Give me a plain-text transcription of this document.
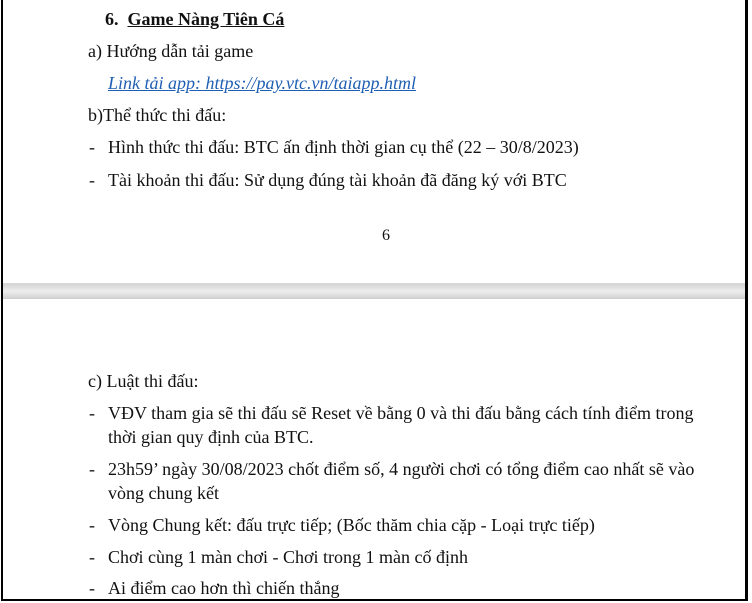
6. Game Nàng Tiên Cá
a) Hướng dẫn tải game
Link tải app: https://pay.vtc.vn/taiapp.html
b)Thể thức thi đấu:
- Hình thức thi đấu: BTC ấn định thời gian cụ thể (22 – 30/8/2023)
- Tài khoản thi đấu: Sử dụng đúng tài khoản đã đăng ký với BTC
6
c) Luật thi đấu:
- VĐV tham gia sẽ thi đấu sẽ Reset về bằng 0 và thi đấu bằng cách tính điểm trong thời gian quy định của BTC.
- 23h59’ ngày 30/08/2023 chốt điểm số, 4 người chơi có tổng điểm cao nhất sẽ vào vòng chung kết
- Vòng Chung kết: đấu trực tiếp; (Bốc thăm chia cặp - Loại trực tiếp)
- Chơi cùng 1 màn chơi - Chơi trong 1 màn cố định
- Ai điểm cao hơn thì chiến thắng
